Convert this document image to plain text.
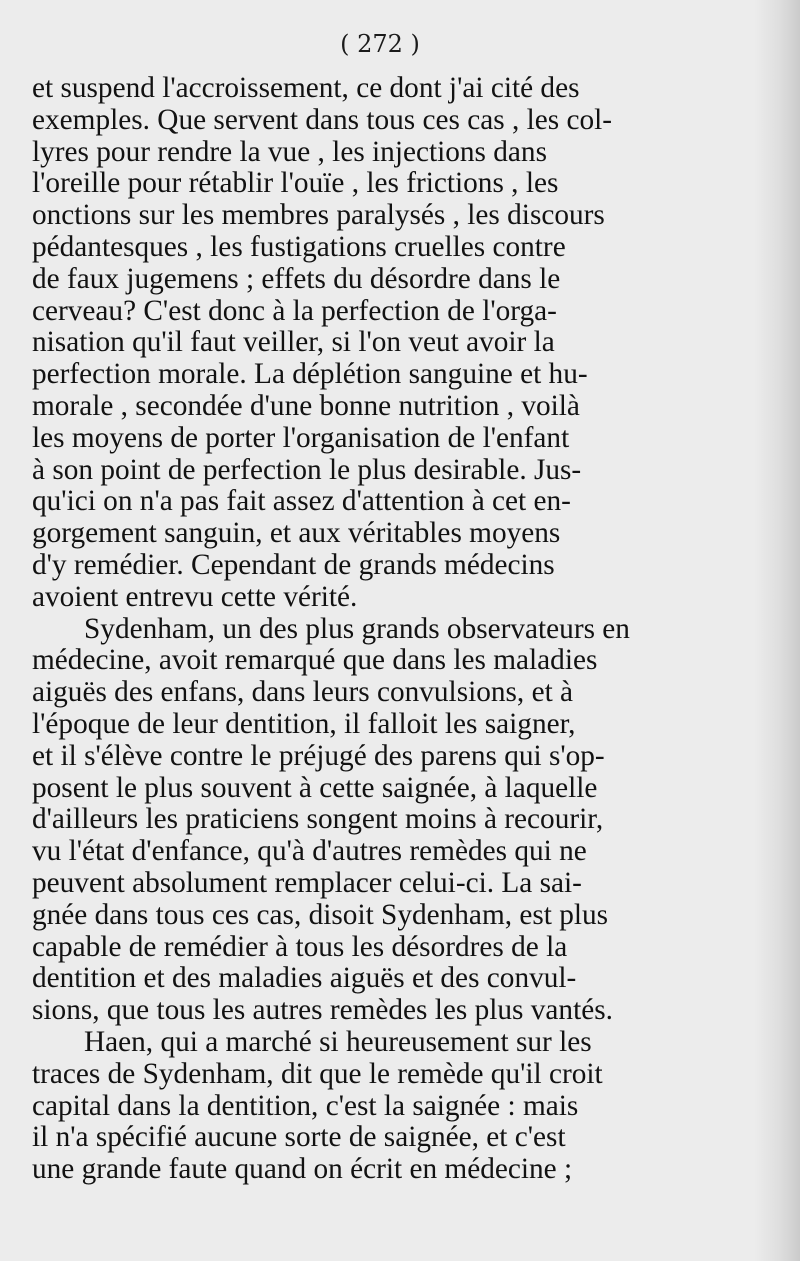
( 272 )

et suspend l'accroissement, ce dont j'ai cité des
exemples. Que servent dans tous ces cas , les col-
lyres pour rendre la vue , les injections dans
l'oreille pour rétablir l'ouïe , les frictions , les
onctions sur les membres paralysés , les discours
pédantesques , les fustigations cruelles contre
de faux jugemens ; effets du désordre dans le
cerveau? C'est donc à la perfection de l'orga-
nisation qu'il faut veiller, si l'on veut avoir la
perfection morale. La déplétion sanguine et hu-
morale , secondée d'une bonne nutrition , voilà
les moyens de porter l'organisation de l'enfant
à son point de perfection le plus desirable. Jus-
qu'ici on n'a pas fait assez d'attention à cet en-
gorgement sanguin, et aux véritables moyens
d'y remédier. Cependant de grands médecins
avoient entrevu cette vérité.
Sydenham, un des plus grands observateurs en
médecine, avoit remarqué que dans les maladies
aiguës des enfans, dans leurs convulsions, et à
l'époque de leur dentition, il falloit les saigner,
et il s'élève contre le préjugé des parens qui s'op-
posent le plus souvent à cette saignée, à laquelle
d'ailleurs les praticiens songent moins à recourir,
vu l'état d'enfance, qu'à d'autres remèdes qui ne
peuvent absolument remplacer celui-ci. La sai-
gnée dans tous ces cas, disoit Sydenham, est plus
capable de remédier à tous les désordres de la
dentition et des maladies aiguës et des convul-
sions, que tous les autres remèdes les plus vantés.
Haen, qui a marché si heureusement sur les
traces de Sydenham, dit que le remède qu'il croit
capital dans la dentition, c'est la saignée : mais
il n'a spécifié aucune sorte de saignée, et c'est
une grande faute quand on écrit en médecine ;
